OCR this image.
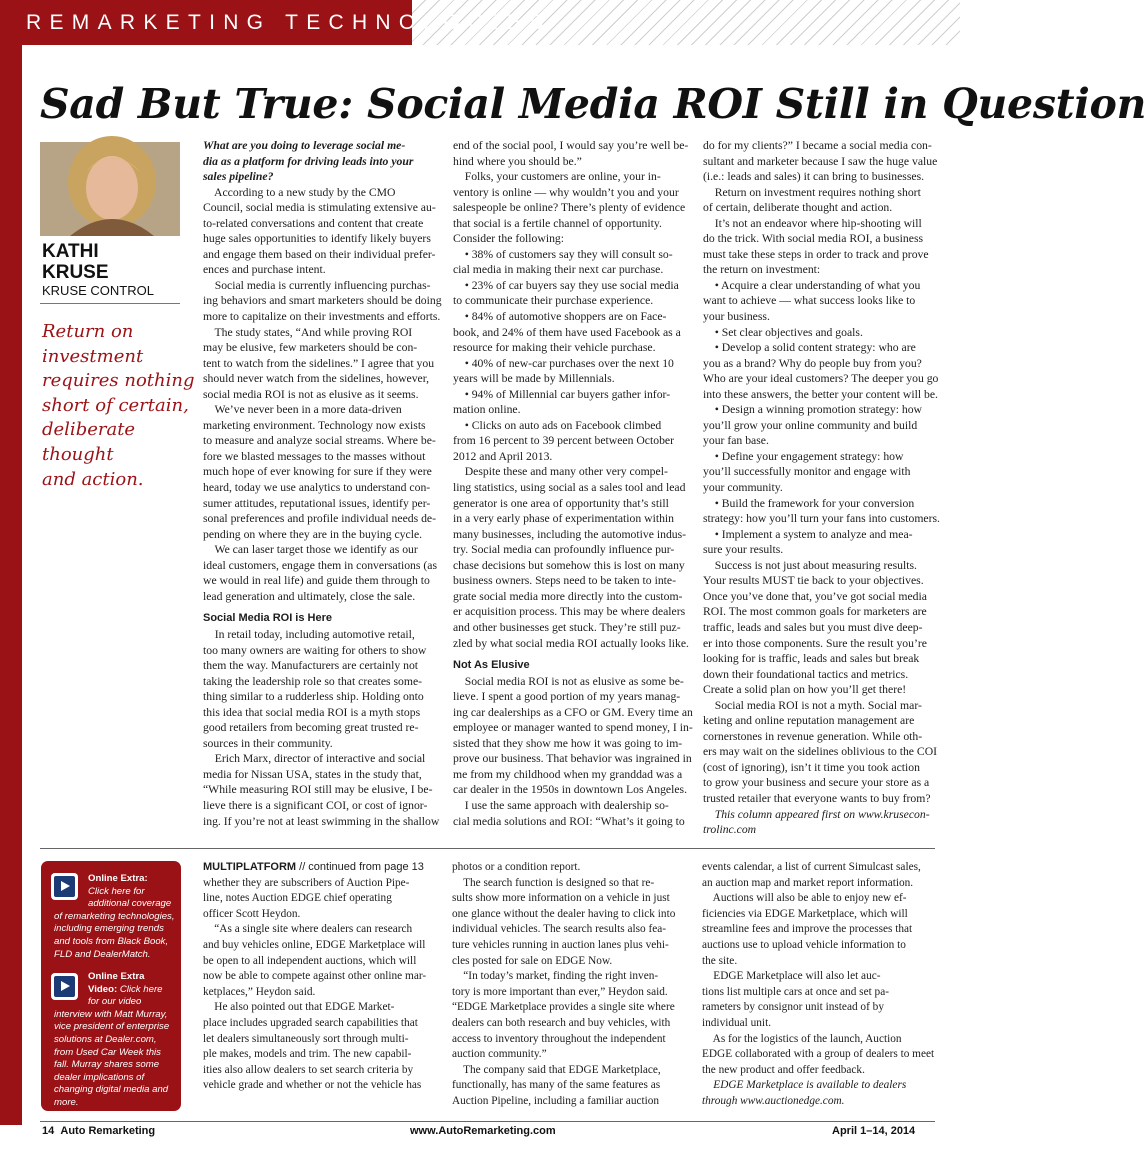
REMARKETING TECHNOLOGIES
Sad But True: Social Media ROI Still in Question
KATHI
KRUSE
KRUSE CONTROL
Return on
investment
requires nothing
short of certain,
deliberate thought
and action.

What are you doing to leverage social me-

dia as a platform for driving leads into your

sales pipeline?

According to a new study by the CMO

Council, social media is stimulating extensive au-

to-related conversations and content that create

huge sales opportunities to identify likely buyers

and engage them based on their individual prefer-

ences and purchase intent.

Social media is currently influencing purchas-

ing behaviors and smart marketers should be doing

more to capitalize on their investments and efforts.

The study states, “And while proving ROI

may be elusive, few marketers should be con-

tent to watch from the sidelines.” I agree that you

should never watch from the sidelines, however,

social media ROI is not as elusive as it seems.

We’ve never been in a more data-driven

marketing environment. Technology now exists

to measure and analyze social streams. Where be-

fore we blasted messages to the masses without

much hope of ever knowing for sure if they were

heard, today we use analytics to understand con-

sumer attitudes, reputational issues, identify per-

sonal preferences and profile individual needs de-

pending on where they are in the buying cycle.

We can laser target those we identify as our

ideal customers, engage them in conversations (as

we would in real life) and guide them through to

lead generation and ultimately, close the sale.

Social Media ROI is Here

In retail today, including automotive retail,

too many owners are waiting for others to show

them the way. Manufacturers are certainly not

taking the leadership role so that creates some-

thing similar to a rudderless ship. Holding onto

this idea that social media ROI is a myth stops

good retailers from becoming great trusted re-

sources in their community.

Erich Marx, director of interactive and social

media for Nissan USA, states in the study that,

“While measuring ROI still may be elusive, I be-

lieve there is a significant COI, or cost of ignor-

ing. If you’re not at least swimming in the shallow

end of the social pool, I would say you’re well be-

hind where you should be.”

Folks, your customers are online, your in-

ventory is online — why wouldn’t you and your

salespeople be online? There’s plenty of evidence

that social is a fertile channel of opportunity.

Consider the following:

• 38% of customers say they will consult so-

cial media in making their next car purchase.

• 23% of car buyers say they use social media

to communicate their purchase experience.

• 84% of automotive shoppers are on Face-

book, and 24% of them have used Facebook as a

resource for making their vehicle purchase.

• 40% of new-car purchases over the next 10

years will be made by Millennials.

• 94% of Millennial car buyers gather infor-

mation online.

• Clicks on auto ads on Facebook climbed

from 16 percent to 39 percent between October

2012 and April 2013.

Despite these and many other very compel-

ling statistics, using social as a sales tool and lead

generator is one area of opportunity that’s still

in a very early phase of experimentation within

many businesses, including the automotive indus-

try. Social media can profoundly influence pur-

chase decisions but somehow this is lost on many

business owners. Steps need to be taken to inte-

grate social media more directly into the custom-

er acquisition process. This may be where dealers

and other businesses get stuck. They’re still puz-

zled by what social media ROI actually looks like.

Not As Elusive

Social media ROI is not as elusive as some be-

lieve. I spent a good portion of my years manag-

ing car dealerships as a CFO or GM. Every time an

employee or manager wanted to spend money, I in-

sisted that they show me how it was going to im-

prove our business. That behavior was ingrained in

me from my childhood when my granddad was a

car dealer in the 1950s in downtown Los Angeles.

I use the same approach with dealership so-

cial media solutions and ROI: “What’s it going to

do for my clients?” I became a social media con-

sultant and marketer because I saw the huge value

(i.e.: leads and sales) it can bring to businesses.

Return on investment requires nothing short

of certain, deliberate thought and action.

It’s not an endeavor where hip-shooting will

do the trick. With social media ROI, a business

must take these steps in order to track and prove

the return on investment:

• Acquire a clear understanding of what you

want to achieve — what success looks like to

your business.

• Set clear objectives and goals.

• Develop a solid content strategy: who are

you as a brand? Why do people buy from you?

Who are your ideal customers? The deeper you go

into these answers, the better your content will be.

• Design a winning promotion strategy: how

you’ll grow your online community and build

your fan base.

• Define your engagement strategy: how

you’ll successfully monitor and engage with

your community.

• Build the framework for your conversion

strategy: how you’ll turn your fans into customers.

• Implement a system to analyze and mea-

sure your results.

Success is not just about measuring results.

Your results MUST tie back to your objectives.

Once you’ve done that, you’ve got social media

ROI. The most common goals for marketers are

traffic, leads and sales but you must dive deep-

er into those components. Sure the result you’re

looking for is traffic, leads and sales but break

down their foundational tactics and metrics.

Create a solid plan on how you’ll get there!

Social media ROI is not a myth. Social mar-

keting and online reputation management are

cornerstones in revenue generation. While oth-

ers may wait on the sidelines oblivious to the COI

(cost of ignoring), isn’t it time you took action

to grow your business and secure your store as a

trusted retailer that everyone wants to buy from?

This column appeared first on www.krusecon-

trolinc.com

Online Extra:
Click here for
additional coverage
of remarketing technologies,
including emerging trends
and tools from Black Book,
FLD and DealerMatch.
Online Extra
Video: Click here
for our video
interview with Matt Murray,
vice president of enterprise
solutions at Dealer.com,
from Used Car Week this
fall. Murray shares some
dealer implications of
changing digital media and
more.

MULTIPLATFORM // continued from page 13

whether they are subscribers of Auction Pipe-

line, notes Auction EDGE chief operating

officer Scott Heydon.

“As a single site where dealers can research

and buy vehicles online, EDGE Marketplace will

be open to all independent auctions, which will

now be able to compete against other online mar-

ketplaces,” Heydon said.

He also pointed out that EDGE Market-

place includes upgraded search capabilities that

let dealers simultaneously sort through multi-

ple makes, models and trim. The new capabil-

ities also allow dealers to set search criteria by

vehicle grade and whether or not the vehicle has

photos or a condition report.

The search function is designed so that re-

sults show more information on a vehicle in just

one glance without the dealer having to click into

individual vehicles. The search results also fea-

ture vehicles running in auction lanes plus vehi-

cles posted for sale on EDGE Now.

“In today’s market, finding the right inven-

tory is more important than ever,” Heydon said.

“EDGE Marketplace provides a single site where

dealers can both research and buy vehicles, with

access to inventory throughout the independent

auction community.”

The company said that EDGE Marketplace,

functionally, has many of the same features as

Auction Pipeline, including a familiar auction

events calendar, a list of current Simulcast sales,

an auction map and market report information.

Auctions will also be able to enjoy new ef-

ficiencies via EDGE Marketplace, which will

streamline fees and improve the processes that

auctions use to upload vehicle information to

the site.

EDGE Marketplace will also let auc-

tions list multiple cars at once and set pa-

rameters by consignor unit instead of by

individual unit.

As for the logistics of the launch, Auction

EDGE collaborated with a group of dealers to meet

the new product and offer feedback.

EDGE Marketplace is available to dealers

through www.auctionedge.com.

14 Auto Remarketing	www.AutoRemarketing.com	April 1–14, 2014
